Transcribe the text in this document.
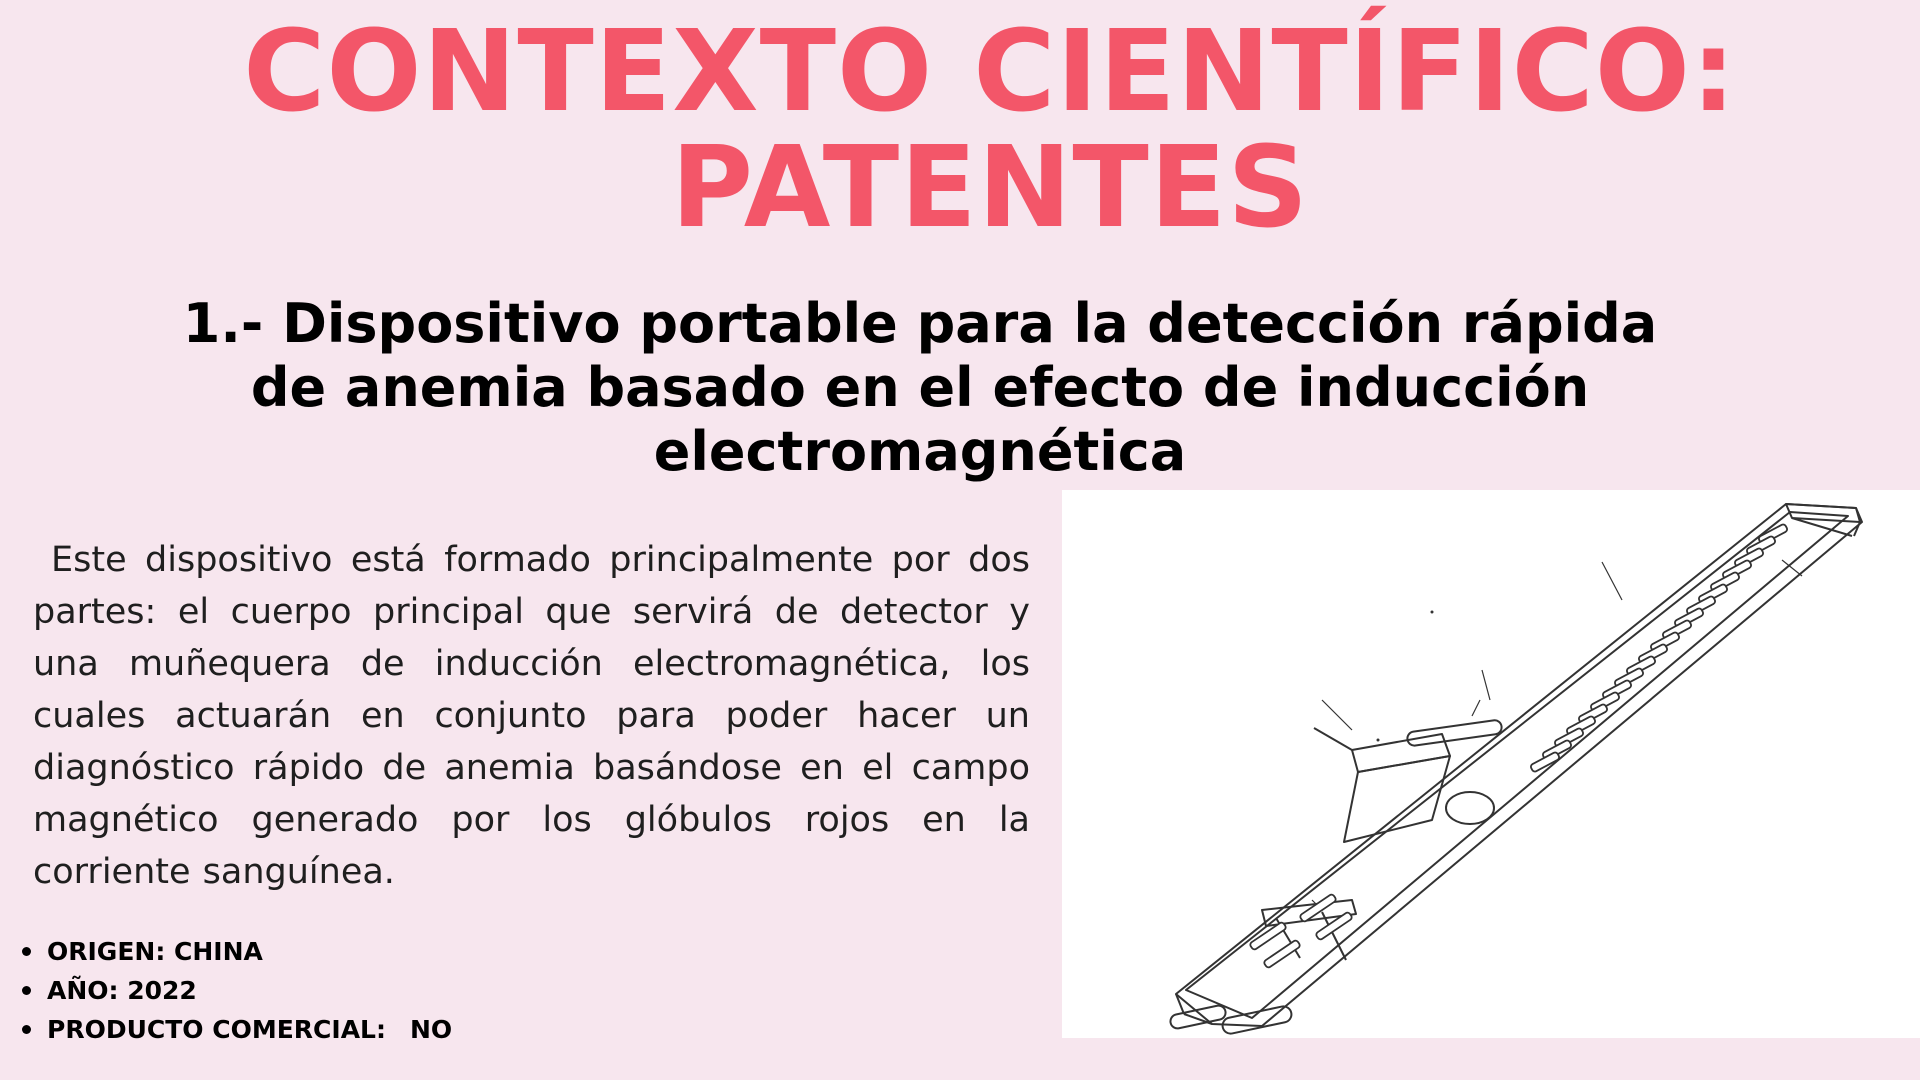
CONTEXTO CIENTÍFICO:
PATENTES
1.- Dispositivo portable para la detección rápida
de anemia basado en el efecto de inducción
electromagnética

Este dispositivo está formado principalmente por dos partes: el cuerpo principal que servirá de detector y una muñequera de inducción electromagnética, los cuales actuarán en conjunto para poder hacer un diagnóstico rápido de anemia basándose en el campo magnético generado por los glóbulos rojos en la corriente sanguínea.

ORIGEN: CHINA
AÑO: 2022
PRODUCTO COMERCIAL: NO
